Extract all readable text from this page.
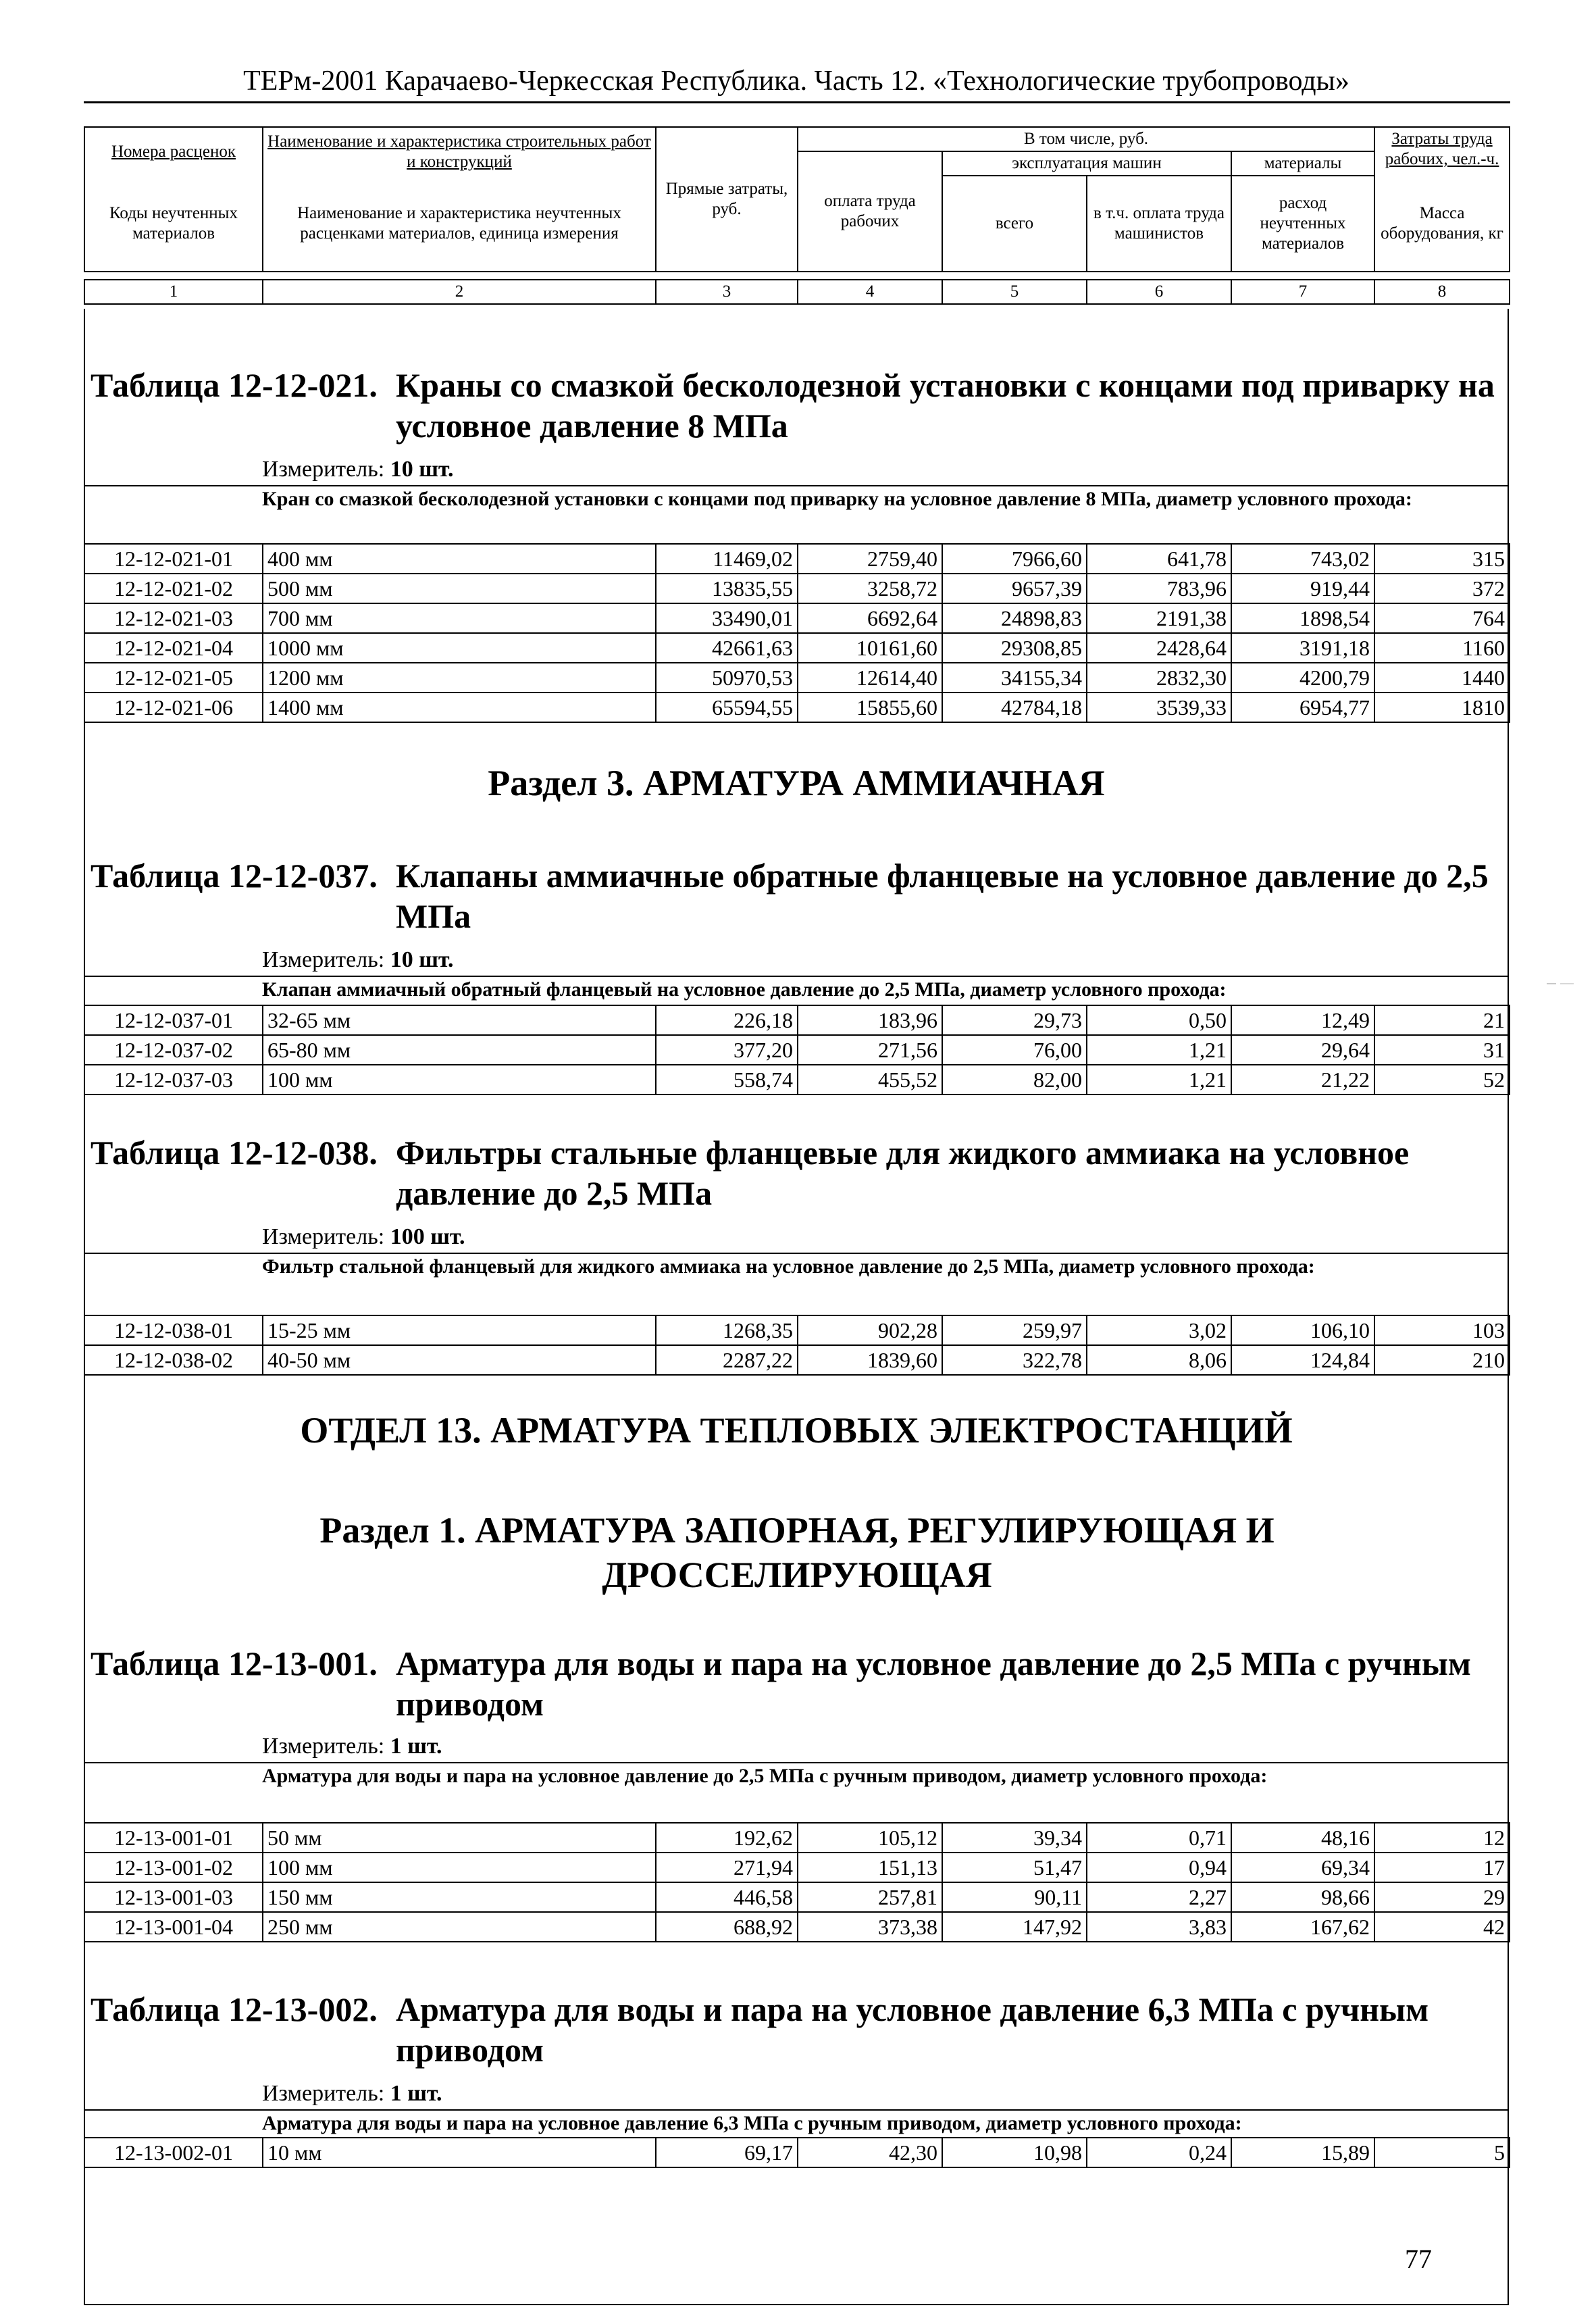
ТЕРм-2001 Карачаево-Черкесская Республика. Часть 12. «Технологические трубопроводы»
Номера расценок	Наименование и характеристика строительных работ и конструкций	Прямые затраты, руб.	В том числе, руб.				Затраты труда рабочих, чел.-ч.
			оплата труда рабочих	эксплуатация машин		материалы	
Коды неучтенных материалов	Наименование и характеристика неучтенных расценками материалов, единица измерения			всего	в т.ч. оплата труда машинистов	расход неучтенных материалов	Масса оборудования, кг

1	2	3	4	5	6	7	8
Таблица 12-12-021. Краны со смазкой бесколодезной установки с концами под приварку на условное давление 8 МПа
Измеритель: 10 шт.
Кран со смазкой бесколодезной установки с концами под приварку на условное давление 8 МПа, диаметр условного прохода:
12-12-021-01	400 мм	11469,02	2759,40	7966,60	641,78	743,02	315
12-12-021-02	500 мм	13835,55	3258,72	9657,39	783,96	919,44	372
12-12-021-03	700 мм	33490,01	6692,64	24898,83	2191,38	1898,54	764
12-12-021-04	1000 мм	42661,63	10161,60	29308,85	2428,64	3191,18	1160
12-12-021-05	1200 мм	50970,53	12614,40	34155,34	2832,30	4200,79	1440
12-12-021-06	1400 мм	65594,55	15855,60	42784,18	3539,33	6954,77	1810
Раздел 3. АРМАТУРА АММИАЧНАЯ
Таблица 12-12-037. Клапаны аммиачные обратные фланцевые на условное давление до 2,5 МПа
Измеритель: 10 шт.
Клапан аммиачный обратный фланцевый на условное давление до 2,5 МПа, диаметр условного прохода:
12-12-037-01	32-65 мм	226,18	183,96	29,73	0,50	12,49	21
12-12-037-02	65-80 мм	377,20	271,56	76,00	1,21	29,64	31
12-12-037-03	100 мм	558,74	455,52	82,00	1,21	21,22	52
Таблица 12-12-038. Фильтры стальные фланцевые для жидкого аммиака на условное давление до 2,5 МПа
Измеритель: 100 шт.
Фильтр стальной фланцевый для жидкого аммиака на условное давление до 2,5 МПа, диаметр условного прохода:
12-12-038-01	15-25 мм	1268,35	902,28	259,97	3,02	106,10	103
12-12-038-02	40-50 мм	2287,22	1839,60	322,78	8,06	124,84	210
ОТДЕЛ 13. АРМАТУРА ТЕПЛОВЫХ ЭЛЕКТРОСТАНЦИЙ
Раздел 1. АРМАТУРА ЗАПОРНАЯ, РЕГУЛИРУЮЩАЯ И ДРОССЕЛИРУЮЩАЯ
Таблица 12-13-001. Арматура для воды и пара на условное давление до 2,5 МПа с ручным приводом
Измеритель: 1 шт.
Арматура для воды и пара на условное давление до 2,5 МПа с ручным приводом, диаметр условного прохода:
12-13-001-01	50 мм	192,62	105,12	39,34	0,71	48,16	12
12-13-001-02	100 мм	271,94	151,13	51,47	0,94	69,34	17
12-13-001-03	150 мм	446,58	257,81	90,11	2,27	98,66	29
12-13-001-04	250 мм	688,92	373,38	147,92	3,83	167,62	42
Таблица 12-13-002. Арматура для воды и пара на условное давление 6,3 МПа с ручным приводом
Измеритель: 1 шт.
Арматура для воды и пара на условное давление 6,3 МПа с ручным приводом, диаметр условного прохода:
12-13-002-01	10 мм	69,17	42,30	10,98	0,24	15,89	5
77
